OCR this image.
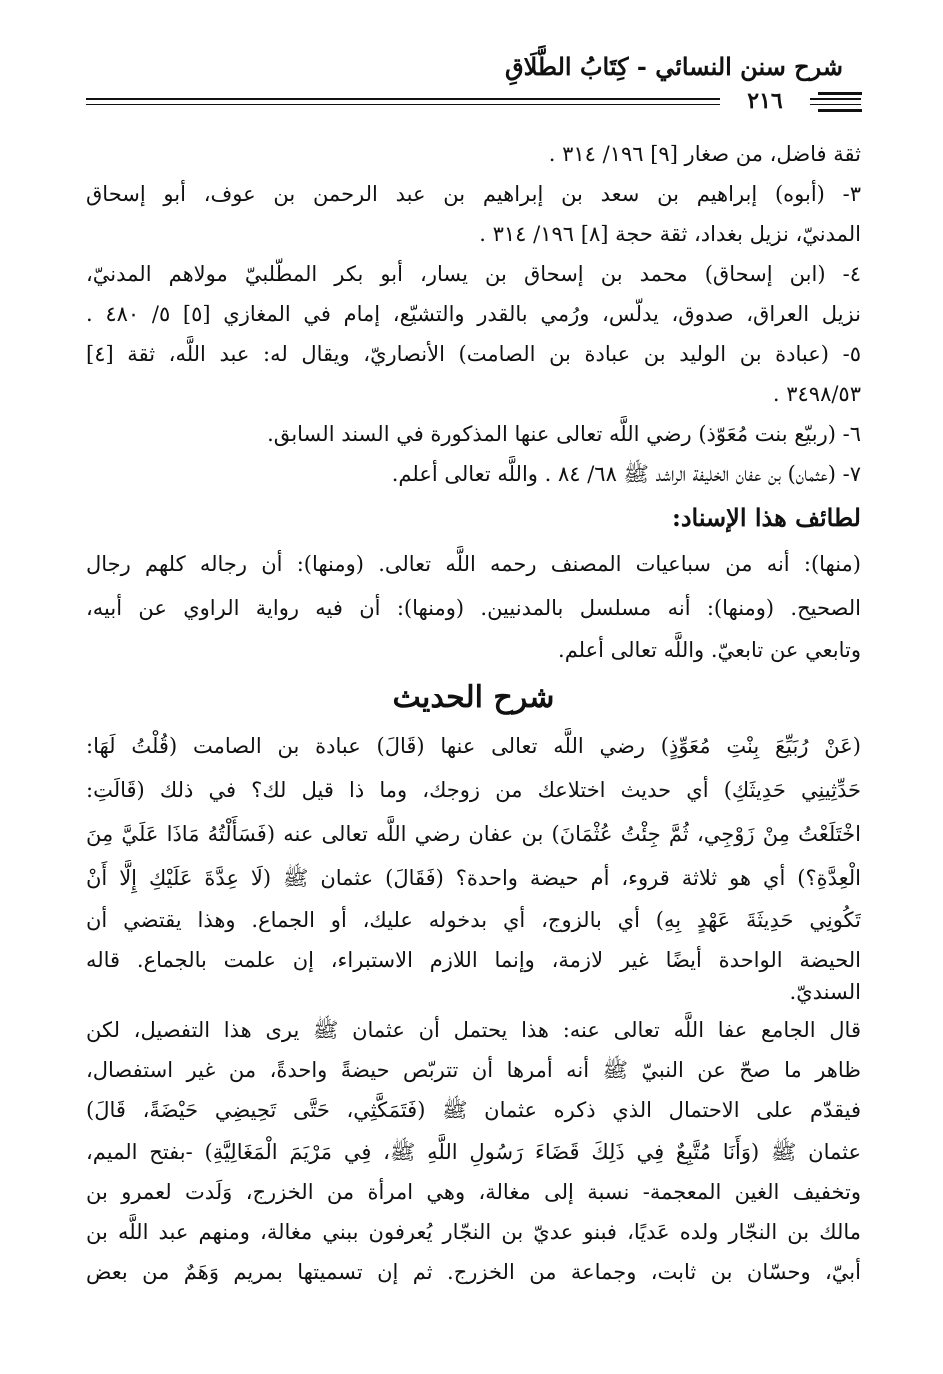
شرح سنن النسائي - كِتَابُ الطَّلَاقِ
٢١٦
ثقة فاضل، من صغار [٩] ١٩٦/ ٣١٤ .
٣- (أبوه) إبراهيم بن سعد بن إبراهيم بن عبد الرحمن بن عوف، أبو إسحاق
المدنيّ، نزيل بغداد، ثقة حجة [٨] ١٩٦/ ٣١٤ .
٤- (ابن إسحاق) محمد بن إسحاق بن يسار، أبو بكر المطّلبيّ مولاهم المدنيّ،
نزيل العراق، صدوق، يدلّس، ورُمي بالقدر والتشيّع، إمام في المغازي [٥] ٥/ ٤٨٠ .
٥- (عبادة بن الوليد بن عبادة بن الصامت) الأنصاريّ، ويقال له: عبد اللَّه، ثقة [٤]
٣٤٩٨/٥٣ .
٦- (ربيّع بنت مُعَوّذ) رضي اللَّه تعالى عنها المذكورة في السند السابق.
٧- (عثمان) بن عفان الخليفة الراشد ﷺ ٦٨/ ٨٤ . واللَّه تعالى أعلم.
لطائف هذا الإسناد:
(منها): أنه من سباعيات المصنف رحمه اللَّه تعالى. (ومنها): أن رجاله كلهم رجال
الصحيح. (ومنها): أنه مسلسل بالمدنيين. (ومنها): أن فيه رواية الراوي عن أبيه،
وتابعي عن تابعيّ. واللَّه تعالى أعلم.
شرح الحديث
(عَنْ رُبَيِّعَ بِنْتِ مُعَوِّذٍ) رضي اللَّه تعالى عنها (قَالَ) عبادة بن الصامت (قُلْتُ لَهَا:
حَدِّثِينِي حَدِيثَكِ) أي حديث اختلاعك من زوجك، وما ذا قيل لك؟ في ذلك (قَالَتِ:
اخْتَلَعْتُ مِنْ زَوْجِي، ثُمَّ جِئْتُ عُثْمَانَ) بن عفان رضي اللَّه تعالى عنه (فَسَأَلْتُهُ مَاذَا عَلَيَّ مِنَ
الْعِدَّةِ؟) أي هو ثلاثة قروء، أم حيضة واحدة؟ (فَقَالَ) عثمان ﷺ (لَا عِدَّةَ عَلَيْكِ إِلَّا أَنْ
تَكُونِي حَدِيثَةَ عَهْدٍ بِهِ) أي بالزوج، أي بدخوله عليك، أو الجماع. وهذا يقتضي أن
الحيضة الواحدة أيضًا غير لازمة، وإنما اللازم الاستبراء، إن علمت بالجماع. قاله
السنديّ.
قال الجامع عفا اللَّه تعالى عنه: هذا يحتمل أن عثمان ﷺ يرى هذا التفصيل، لكن
ظاهر ما صحّ عن النبيّ ﷺ أنه أمرها أن تتربّص حيضةً واحدةً، من غير استفصال،
فيقدّم على الاحتمال الذي ذكره عثمان ﷺ (فَتَمَكَّثِي، حَتَّى تَحِيضِي حَيْضَةً، قَالَ)
عثمان ﷺ (وَأَنَا مُتَّبِعٌ فِي ذَلِكَ قَضَاءَ رَسُولِ اللَّهِ ﷺ، فِي مَرْيَمَ الْمَغَالِيَّةِ) -بفتح الميم،
وتخفيف الغين المعجمة- نسبة إلى مغالة، وهي امرأة من الخزرج، وَلَدت لعمرو بن
مالك بن النجّار ولده عَديًا، فبنو عديّ بن النجّار يُعرفون ببني مغالة، ومنهم عبد اللَّه بن
أبيّ، وحسّان بن ثابت، وجماعة من الخزرج. ثم إن تسميتها بمريم وَهَمٌ من بعض
